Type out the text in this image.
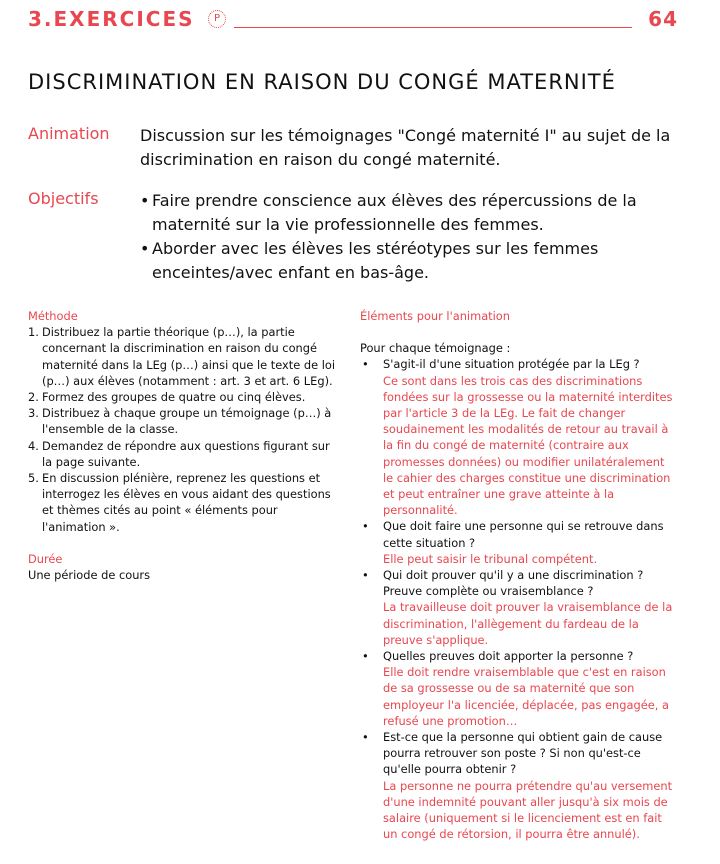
3.EXERCICES	P	64
DISCRIMINATION EN RAISON DU CONGÉ MATERNITÉ
Animation Discussion sur les témoignages "Congé maternité I" au sujet de la discrimination en raison du congé maternité.
Objectifs
•	Faire prendre conscience aux élèves des répercussions de la maternité sur la vie professionnelle des femmes.
• Aborder avec les élèves les stéréotypes sur les femmes enceintes/avec enfant en bas-âge.
Méthode
1. Distribuez la partie théorique (p…), la partie concernant la discrimination en raison du congé maternité dans la LEg (p…) ainsi que le texte de loi (p…) aux élèves (notamment : art. 3 et art. 6 LEg).
2. Formez des groupes de quatre ou cinq élèves.
3. Distribuez à chaque groupe un témoignage (p…) à l'ensemble de la classe.
4. Demandez de répondre aux questions figurant sur la page suivante.
5. En discussion plénière, reprenez les questions et interrogez les élèves en vous aidant des questions et thèmes cités au point « éléments pour l'animation ».
Durée
Une période de cours
Éléments pour l'animation
Pour chaque témoignage :
• S'agit-il d'une situation protégée par la LEg ?
Ce sont dans les trois cas des discriminations fondées sur la grossesse ou la maternité interdites par l'article 3 de la LEg. Le fait de changer soudainement les modalités de retour au travail à la fin du congé de maternité (contraire aux promesses données) ou modifier unilatéralement le cahier des charges constitue une discrimination et peut entraîner une grave atteinte à la personnalité.
• Que doit faire une personne qui se retrouve dans cette situation ?
Elle peut saisir le tribunal compétent.
• Qui doit prouver qu'il y a une discrimination ? Preuve complète ou vraisemblance ?
La travailleuse doit prouver la vraisemblance de la discrimination, l'allègement du fardeau de la preuve s'applique.
• Quelles preuves doit apporter la personne ?
Elle doit rendre vraisemblable que c'est en raison de sa grossesse ou de sa maternité que son employeur l'a licenciée, déplacée, pas engagée, a refusé une promotion…
• Est-ce que la personne qui obtient gain de cause pourra retrouver son poste ? Si non qu'est-ce qu'elle pourra obtenir ?
La personne ne pourra prétendre qu'au versement d'une indemnité pouvant aller jusqu'à six mois de salaire (uniquement si le licenciement est en fait un congé de rétorsion, il pourra être annulé).
